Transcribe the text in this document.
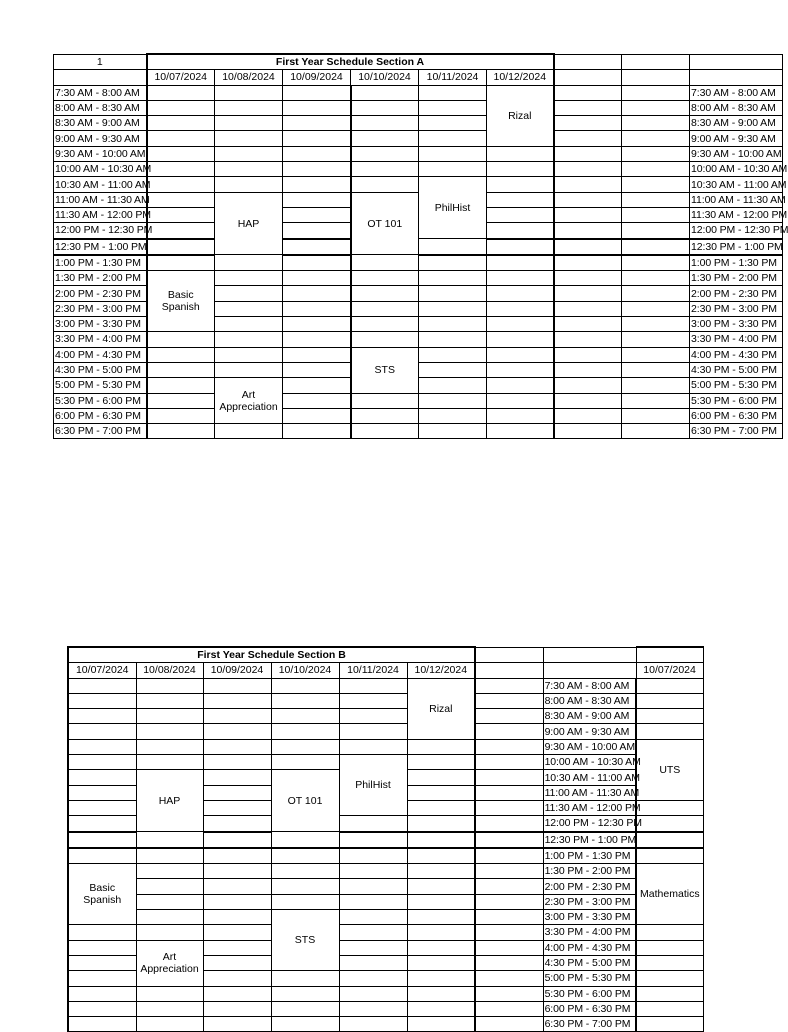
1	First Year Schedule Section A								
	10/07/2024	10/08/2024	10/09/2024	10/10/2024	10/11/2024	10/12/2024			
7:30 AM - 8:00 AM						Rizal			7:30 AM - 8:00 AM
8:00 AM - 8:30 AM									8:00 AM - 8:30 AM
8:30 AM - 9:00 AM									8:30 AM - 9:00 AM
9:00 AM - 9:30 AM									9:00 AM - 9:30 AM
9:30 AM - 10:00 AM									9:30 AM - 10:00 AM
10:00 AM - 10:30 AM									10:00 AM - 10:30 AM
10:30 AM - 11:00 AM					PhilHist				10:30 AM - 11:00 AM
11:00 AM - 11:30 AM		HAP		OT 101					11:00 AM - 11:30 AM
11:30 AM - 12:00 PM									11:30 AM - 12:00 PM
12:00 PM - 12:30 PM									12:00 PM - 12:30 PM
12:30 PM - 1:00 PM									12:30 PM - 1:00 PM
1:00 PM - 1:30 PM									1:00 PM - 1:30 PM
1:30 PM - 2:00 PM	Basic Spanish								1:30 PM - 2:00 PM
2:00 PM - 2:30 PM									2:00 PM - 2:30 PM
2:30 PM - 3:00 PM									2:30 PM - 3:00 PM
3:00 PM - 3:30 PM									3:00 PM - 3:30 PM
3:30 PM - 4:00 PM									3:30 PM - 4:00 PM
4:00 PM - 4:30 PM				STS					4:00 PM - 4:30 PM
4:30 PM - 5:00 PM									4:30 PM - 5:00 PM
5:00 PM - 5:30 PM		Art Appreciation							5:00 PM - 5:30 PM
5:30 PM - 6:00 PM									5:30 PM - 6:00 PM
6:00 PM - 6:30 PM									6:00 PM - 6:30 PM
6:30 PM - 7:00 PM									6:30 PM - 7:00 PM
First Year Schedule Section B								
10/07/2024	10/08/2024	10/09/2024	10/10/2024	10/11/2024	10/12/2024			10/07/2024
					Rizal		7:30 AM - 8:00 AM	
							8:00 AM - 8:30 AM	
							8:30 AM - 9:00 AM	
							9:00 AM - 9:30 AM	
							9:30 AM - 10:00 AM	UTS
				PhilHist			10:00 AM - 10:30 AM	
	HAP		OT 101				10:30 AM - 11:00 AM	
							11:00 AM - 11:30 AM	
							11:30 AM - 12:00 PM	
							12:00 PM - 12:30 PM	
							12:30 PM - 1:00 PM	
							1:00 PM - 1:30 PM	
Basic Spanish							1:30 PM - 2:00 PM	Mathematics
							2:00 PM - 2:30 PM	
							2:30 PM - 3:00 PM	
			STS				3:00 PM - 3:30 PM	
							3:30 PM - 4:00 PM	
	Art Appreciation						4:00 PM - 4:30 PM	
							4:30 PM - 5:00 PM	
							5:00 PM - 5:30 PM	
							5:30 PM - 6:00 PM	
							6:00 PM - 6:30 PM	
							6:30 PM - 7:00 PM	
